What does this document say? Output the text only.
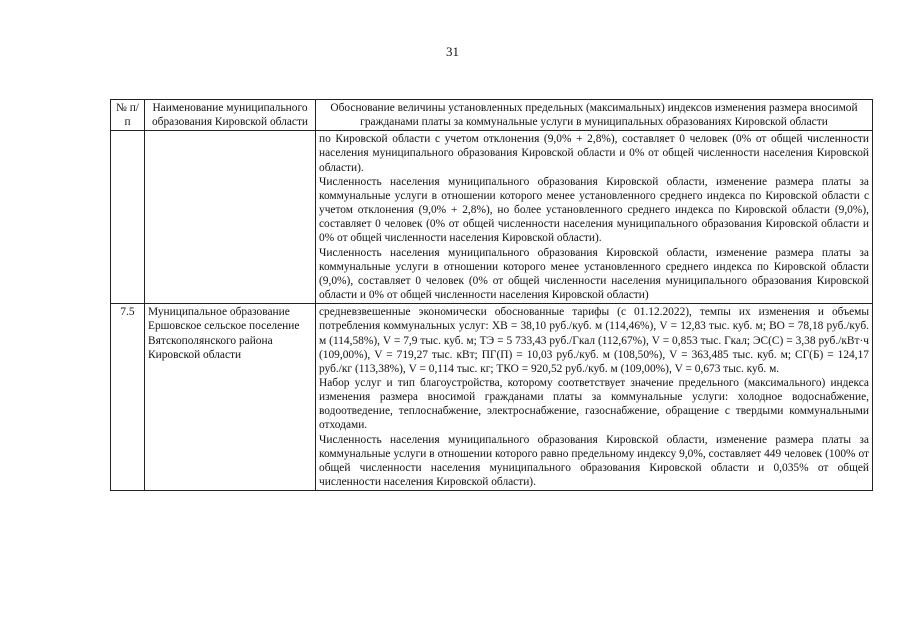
31
№ п/п	Наименование муниципального образования Кировской области	Обоснование величины установленных предельных (максимальных) индексов изменения размера вносимой гражданами платы за коммунальные услуги в муниципальных образованиях Кировской области

		по Кировской области с учетом отклонения (9,0% + 2,8%), составляет 0 человек (0% от общей численности населения муниципального образования Кировской области и 0% от общей численности населения Кировской области).

Численность населения муниципального образования Кировской области, изменение размера платы за коммунальные услуги в отношении которого менее установленного среднего индекса по Кировской области с учетом отклонения (9,0% + 2,8%), но более установленного среднего индекса по Кировской области (9,0%), составляет 0 человек (0% от общей численности населения муниципального образования Кировской области и 0% от общей численности населения Кировской области).

Численность населения муниципального образования Кировской области, изменение размера платы за коммунальные услуги в отношении которого менее установленного среднего индекса по Кировской области (9,0%), составляет 0 человек (0% от общей численности населения муниципального образования Кировской области и 0% от общей численности населения Кировской области)

7.5	Муниципальное образование Ершовское сельское поселение Вятскополянского района Кировской области	средневзвешенные экономически обоснованные тарифы (с 01.12.2022), темпы их изменения и объемы потребления коммунальных услуг: ХВ = 38,10 руб./куб. м (114,46%), V = 12,83 тыс. куб. м; ВО = 78,18 руб./куб. м (114,58%), V = 7,9 тыс. куб. м; ТЭ = 5 733,43 руб./Гкал (112,67%), V = 0,853 тыс. Гкал; ЭС(С) = 3,38 руб./кВт·ч (109,00%), V = 719,27 тыс. кВт; ПГ(П) = 10,03 руб./куб. м (108,50%), V = 363,485 тыс. куб. м; СГ(Б) = 124,17 руб./кг (113,38%), V = 0,114 тыс. кг; ТКО = 920,52 руб./куб. м (109,00%), V = 0,673 тыс. куб. м.

Набор услуг и тип благоустройства, которому соответствует значение предельного (максимального) индекса изменения размера вносимой гражданами платы за коммунальные услуги: холодное водоснабжение, водоотведение, теплоснабжение, электроснабжение, газоснабжение, обращение с твердыми коммунальными отходами.

Численность населения муниципального образования Кировской области, изменение размера платы за коммунальные услуги в отношении которого равно предельному индексу 9,0%, составляет 449 человек (100% от общей численности населения муниципального образования Кировской области и 0,035% от общей численности населения Кировской области).
